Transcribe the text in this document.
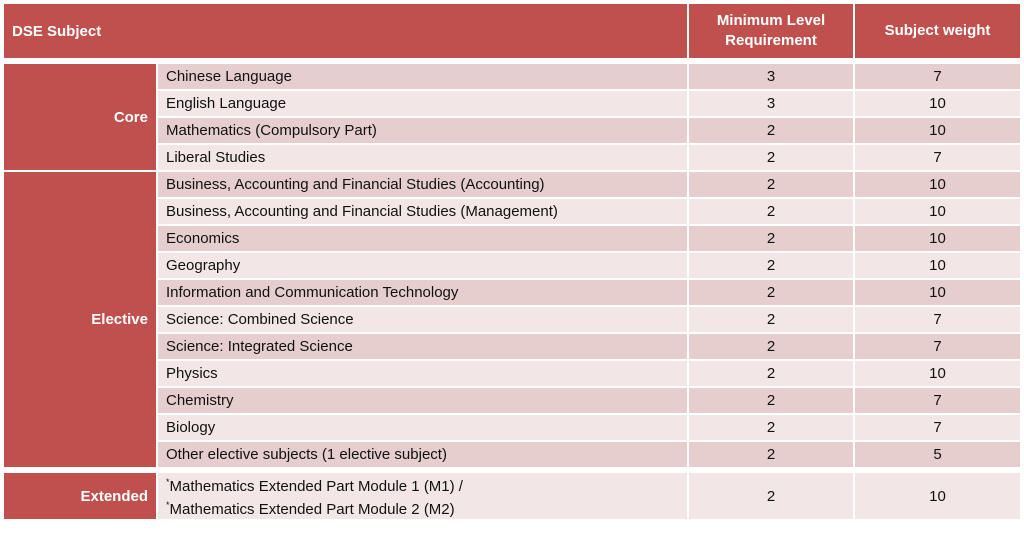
DSE Subject		Minimum Level Requirement	Subject weight

Core	Chinese Language	3	7
	English Language	3	10
	Mathematics (Compulsory Part)	2	10
	Liberal Studies	2	7
Elective	Business, Accounting and Financial Studies (Accounting)	2	10
	Business, Accounting and Financial Studies (Management)	2	10
	Economics	2	10
	Geography	2	10
	Information and Communication Technology	2	10
	Science: Combined Science	2	7
	Science: Integrated Science	2	7
	Physics	2	10
	Chemistry	2	7
	Biology	2	7
	Other elective subjects (1 elective subject)	2	5

Extended	*Mathematics Extended Part Module 1 (M1) /
*Mathematics Extended Part Module 2 (M2)	2	10
